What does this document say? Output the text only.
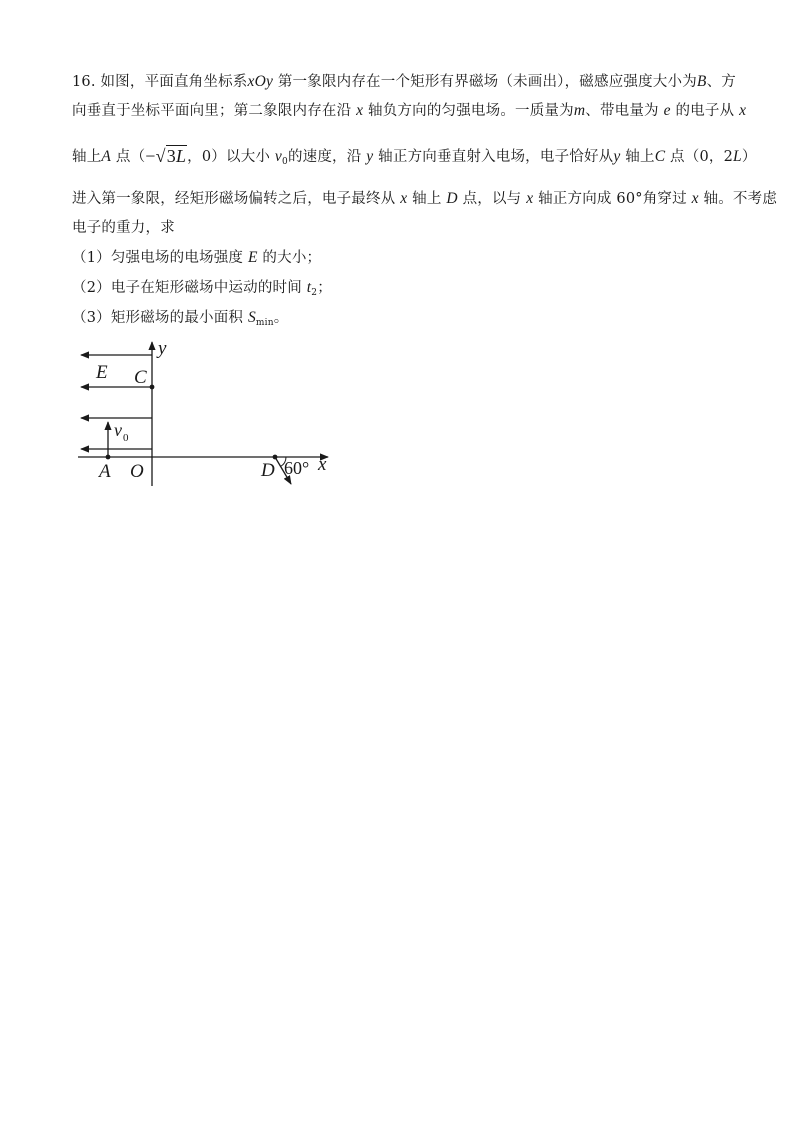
16. 如图，平面直角坐标系xOy 第一象限内存在一个矩形有界磁场（未画出），磁感应强度大小为B、方
向垂直于坐标平面向里；第二象限内存在沿 x 轴负方向的匀强电场。一质量为m、带电量为 e 的电子从 x
轴上A 点（−√3L，0）以大小 $v_0$的速度，沿 y 轴正方向垂直射入电场，电子恰好从y 轴上C 点（0，2L）
进入第一象限，经矩形磁场偏转之后，电子最终从 x 轴上 D 点，以与 x 轴正方向成 60°角穿过 x 轴。不考虑
电子的重力，求
（1）匀强电场的电场强度 E 的大小；
（2）电子在矩形磁场中运动的时间 $t_2$；
（3）矩形磁场的最小面积 $S_{min}$。
y
x
E C
v 0
A O	D 60°
